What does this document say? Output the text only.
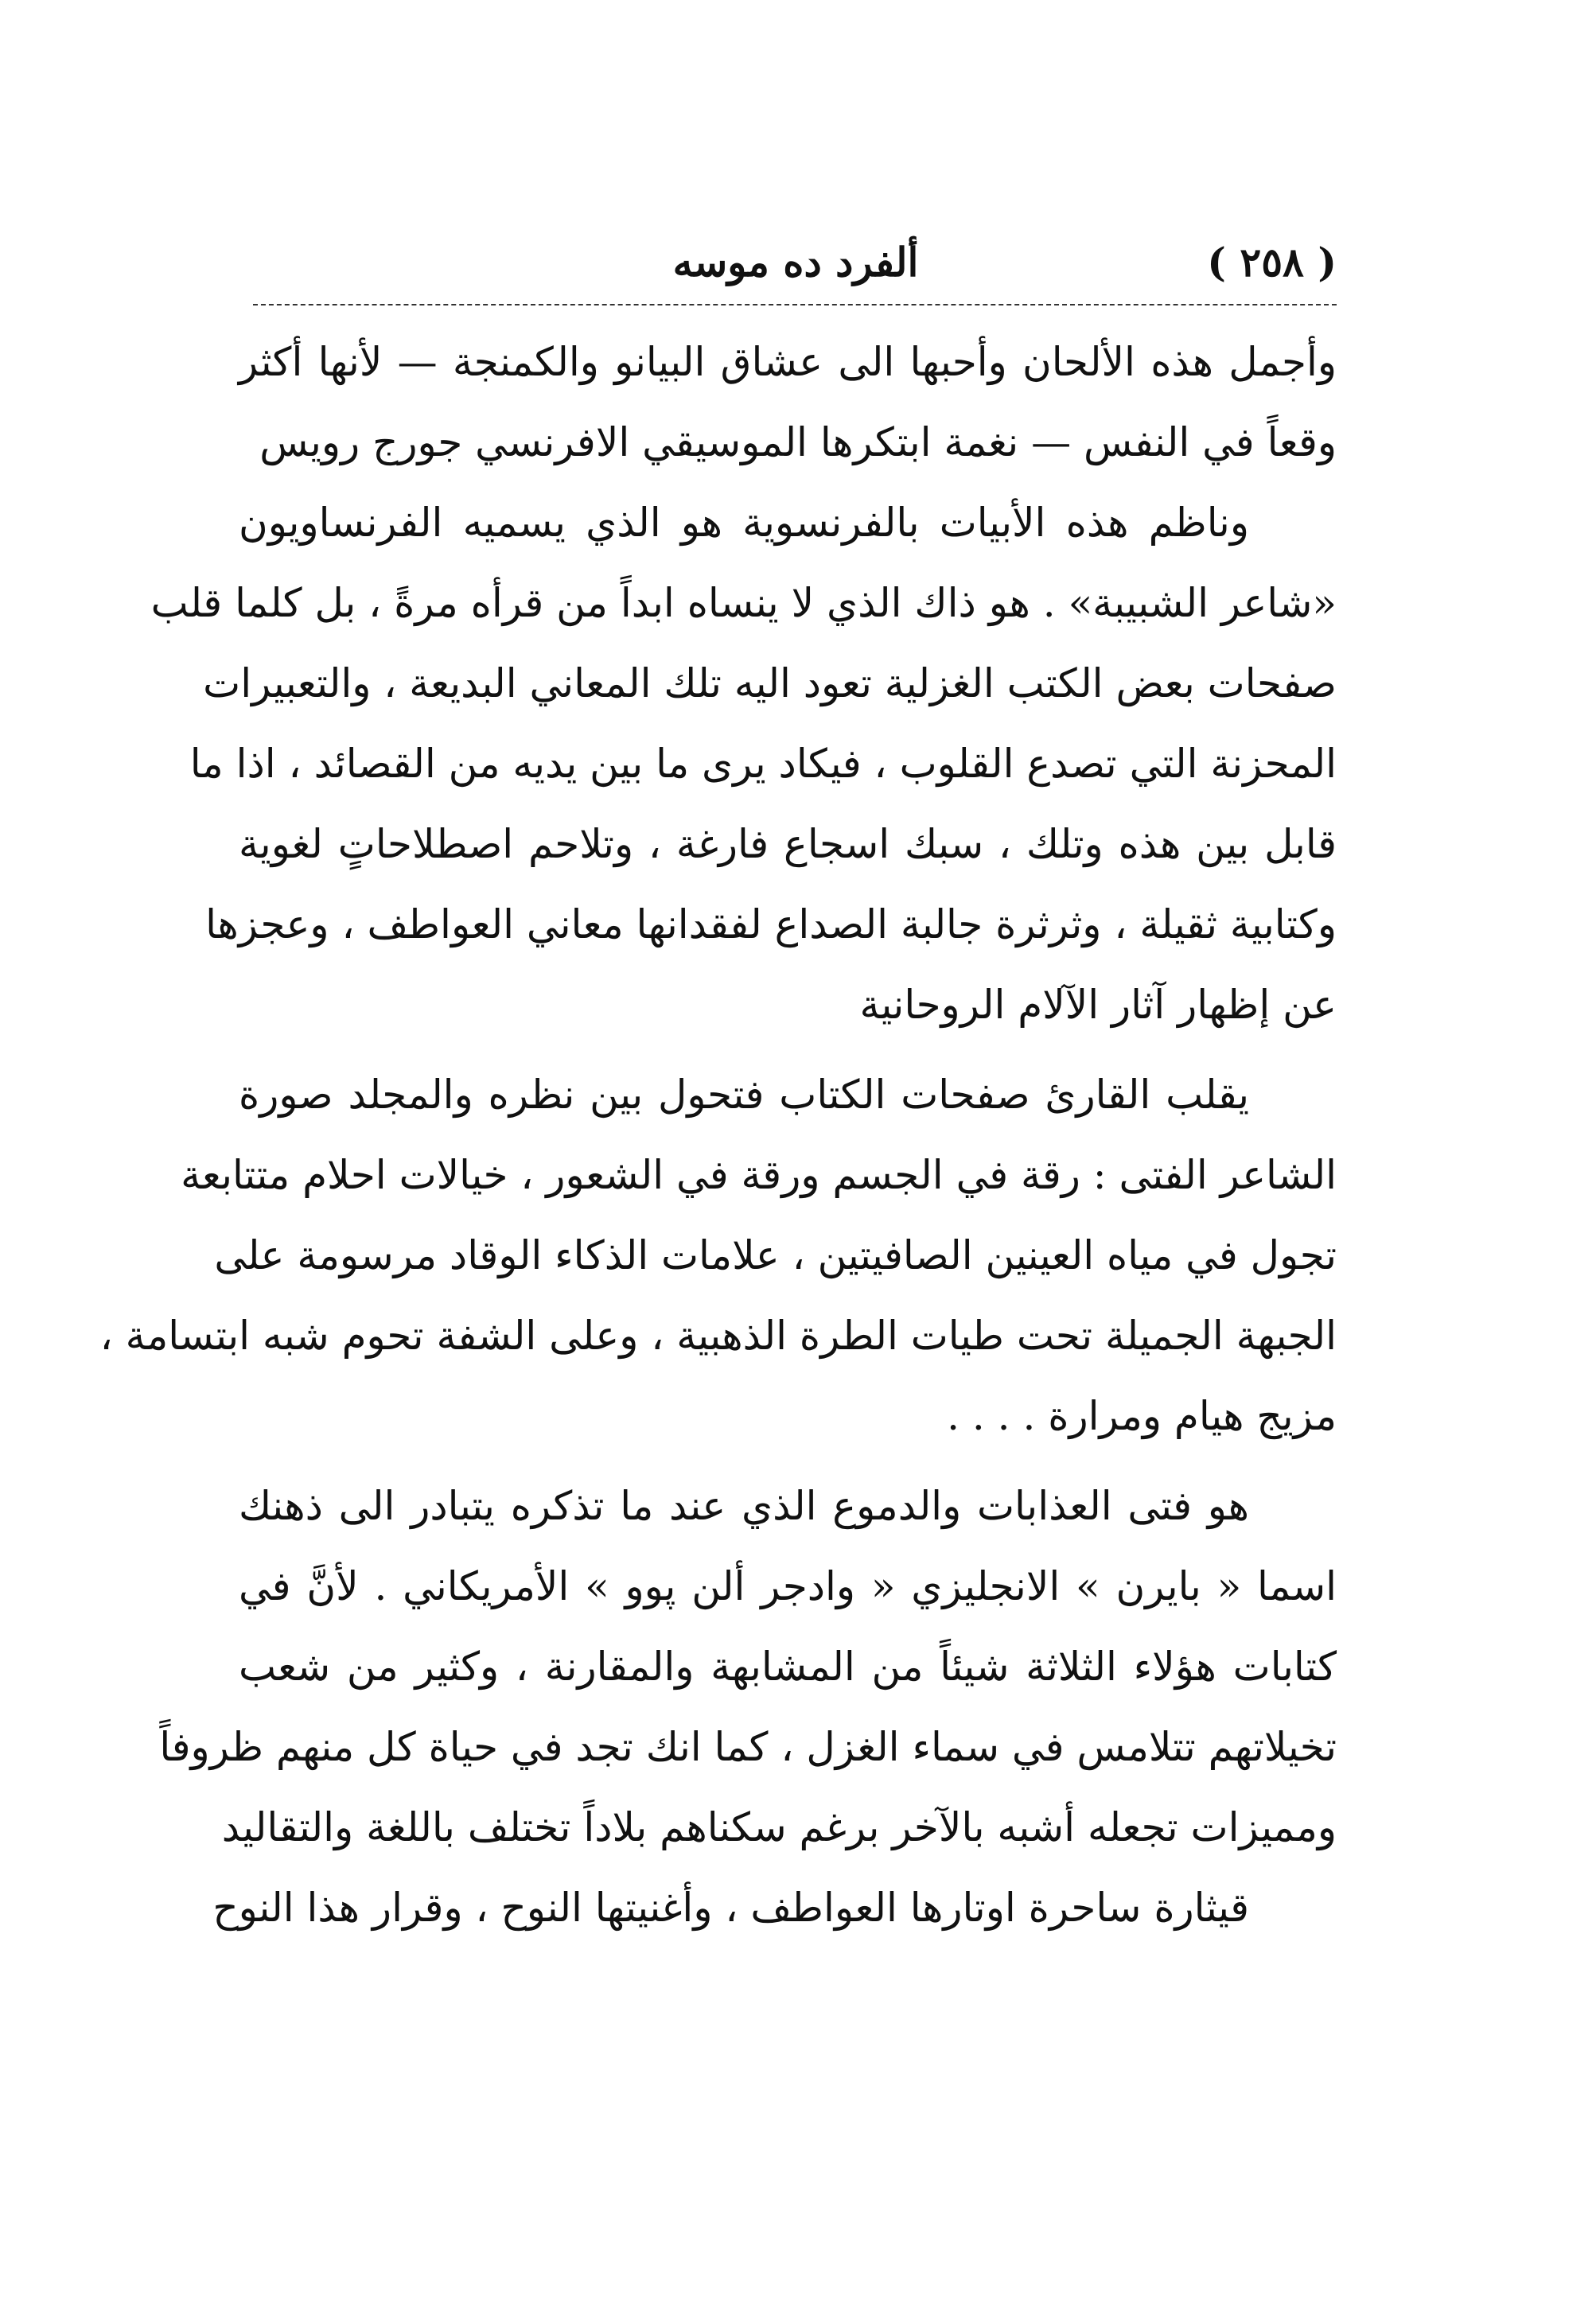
( ٢٥٨ )
ألفرد ده موسه
وأجمل هذه الألحان وأحبها الى عشاق البيانو والكمنجة — لأنها أكثر
وقعاً في النفس — نغمة ابتكرها الموسيقي الافرنسي جورج رويس
وناظم هذه الأبيات بالفرنسوية هو الذي يسميه الفرنساويون
«شاعر الشبيبة» . هو ذاك الذي لا ينساه ابداً من قرأه مرةً ، بل كلما قلب
صفحات بعض الكتب الغزلية تعود اليه تلك المعاني البديعة ، والتعبيرات
المحزنة التي تصدع القلوب ، فيكاد يرى ما بين يديه من القصائد ، اذا ما
قابل بين هذه وتلك ، سبك اسجاع فارغة ، وتلاحم اصطلاحاتٍ لغوية
وكتابية ثقيلة ، وثرثرة جالبة الصداع لفقدانها معاني العواطف ، وعجزها
عن إظهار آثار الآلام الروحانية
يقلب القارئ صفحات الكتاب فتحول بين نظره والمجلد صورة
الشاعر الفتى : رقة في الجسم ورقة في الشعور ، خيالات احلام متتابعة
تجول في مياه العينين الصافيتين ، علامات الذكاء الوقاد مرسومة على
الجبهة الجميلة تحت طيات الطرة الذهبية ، وعلى الشفة تحوم شبه ابتسامة ،
مزيج هيام ومرارة . . . .
هو فتى العذابات والدموع الذي عند ما تذكره يتبادر الى ذهنك
اسما « بايرن » الانجليزي « وادجر ألن پوو » الأمريكاني . لأنَّ في
كتابات هؤلاء الثلاثة شيئاً من المشابهة والمقارنة ، وكثير من شعب
تخيلاتهم تتلامس في سماء الغزل ، كما انك تجد في حياة كل منهم ظروفاً
ومميزات تجعله أشبه بالآخر برغم سكناهم بلاداً تختلف باللغة والتقاليد
قيثارة ساحرة اوتارها العواطف ، وأغنيتها النوح ، وقرار هذا النوح
